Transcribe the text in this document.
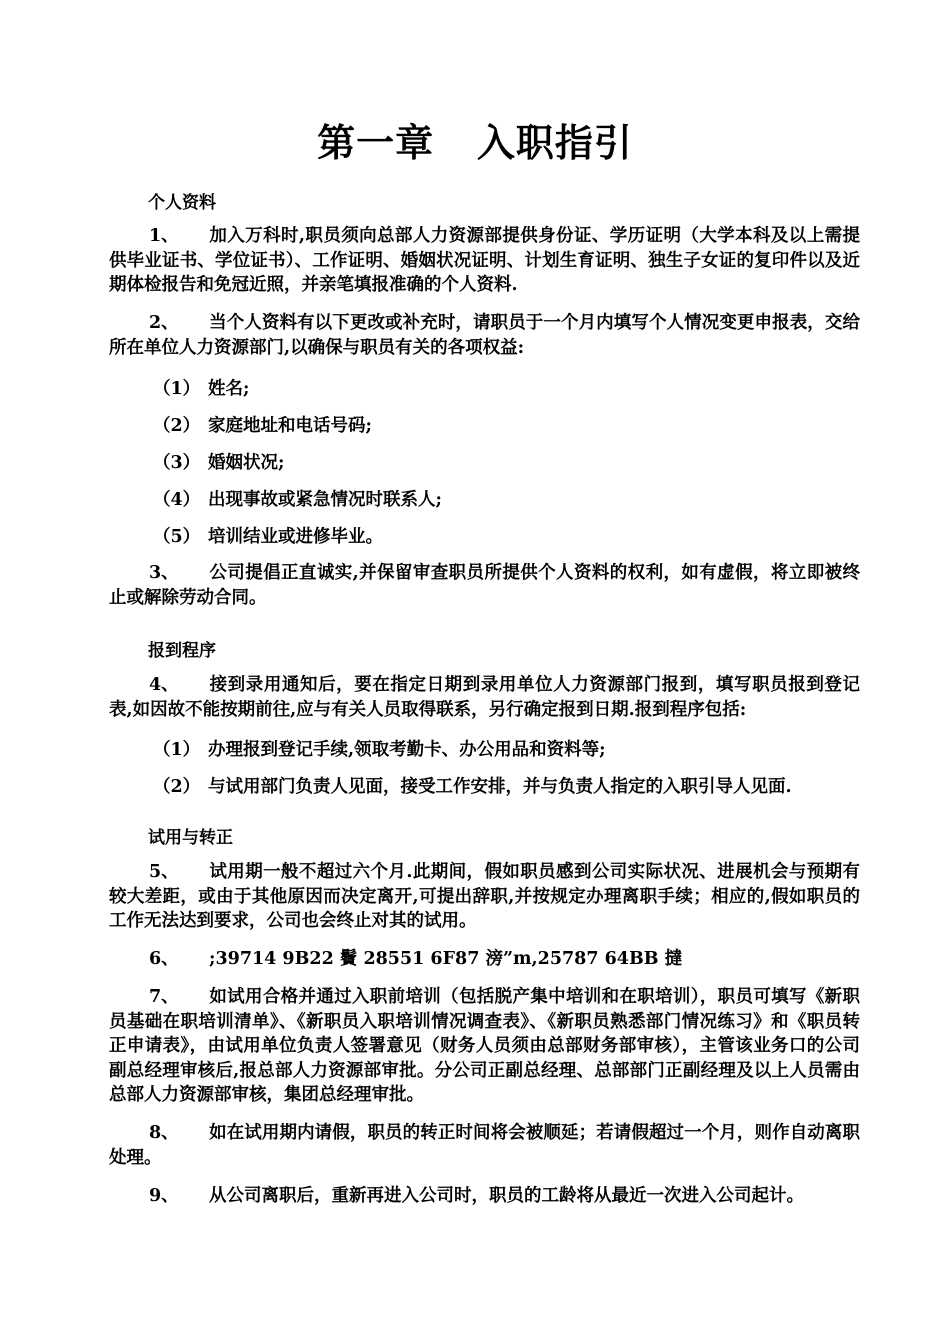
第一章   入职指引
个人资料
1、 加入万科时,职员须向总部人力资源部提供身份证、学历证明（大学本科及以上需提供毕业证书、学位证书）、工作证明、婚姻状况证明、计划生育证明、独生子女证的复印件以及近期体检报告和免冠近照，并亲笔填报准确的个人资料.
2、 当个人资料有以下更改或补充时，请职员于一个月内填写个人情况变更申报表，交给所在单位人力资源部门,以确保与职员有关的各项权益:
（1） 姓名;
（2） 家庭地址和电话号码;
（3） 婚姻状况;
（4） 出现事故或紧急情况时联系人;
（5） 培训结业或进修毕业。
3、 公司提倡正直诚实,并保留审查职员所提供个人资料的权利，如有虚假，将立即被终止或解除劳动合同。
报到程序
4、 接到录用通知后，要在指定日期到录用单位人力资源部门报到，填写职员报到登记表,如因故不能按期前往,应与有关人员取得联系，另行确定报到日期.报到程序包括:
（1） 办理报到登记手续,领取考勤卡、办公用品和资料等;
（2） 与试用部门负责人见面，接受工作安排，并与负责人指定的入职引导人见面.
试用与转正
5、 试用期一般不超过六个月.此期间，假如职员感到公司实际状况、进展机会与预期有较大差距，或由于其他原因而决定离开,可提出辞职,并按规定办理离职手续；相应的,假如职员的工作无法达到要求，公司也会终止对其的试用。
6、 ;39714 9B22 鬢 28551 6F87 滂”m,25787 64BB 撻
7、 如试用合格并通过入职前培训（包括脱产集中培训和在职培训），职员可填写《新职员基础在职培训清单》、《新职员入职培训情况调查表》、《新职员熟悉部门情况练习》和《职员转正申请表》，由试用单位负责人签署意见（财务人员须由总部财务部审核），主管该业务口的公司副总经理审核后,报总部人力资源部审批。分公司正副总经理、总部部门正副经理及以上人员需由总部人力资源部审核，集团总经理审批。
8、 如在试用期内请假，职员的转正时间将会被顺延；若请假超过一个月，则作自动离职处理。
9、 从公司离职后，重新再进入公司时，职员的工龄将从最近一次进入公司起计。
